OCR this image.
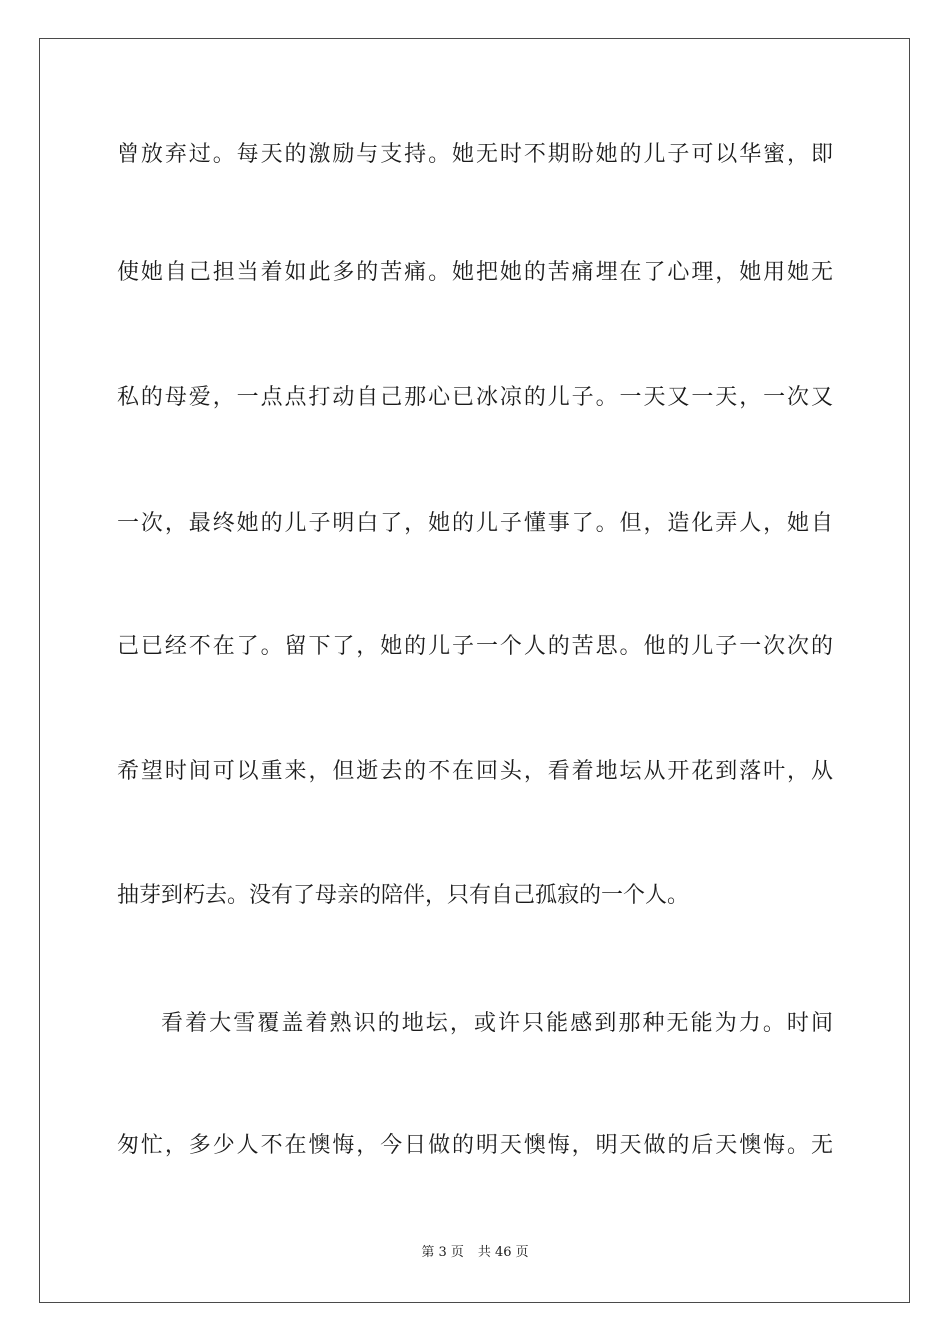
曾放弃过。每天的激励与支持。她无时不期盼她的儿子可以华蜜，即
使她自己担当着如此多的苦痛。她把她的苦痛埋在了心理，她用她无
私的母爱，一点点打动自己那心已冰凉的儿子。一天又一天，一次又
一次，最终她的儿子明白了，她的儿子懂事了。但，造化弄人，她自
己已经不在了。留下了，她的儿子一个人的苦思。他的儿子一次次的
希望时间可以重来，但逝去的不在回头，看着地坛从开花到落叶，从
抽芽到朽去。没有了母亲的陪伴，只有自己孤寂的一个人。
看着大雪覆盖着熟识的地坛，或许只能感到那种无能为力。时间
匆忙，多少人不在懊悔，今日做的明天懊悔，明天做的后天懊悔。无
第 3 页 共 46 页
